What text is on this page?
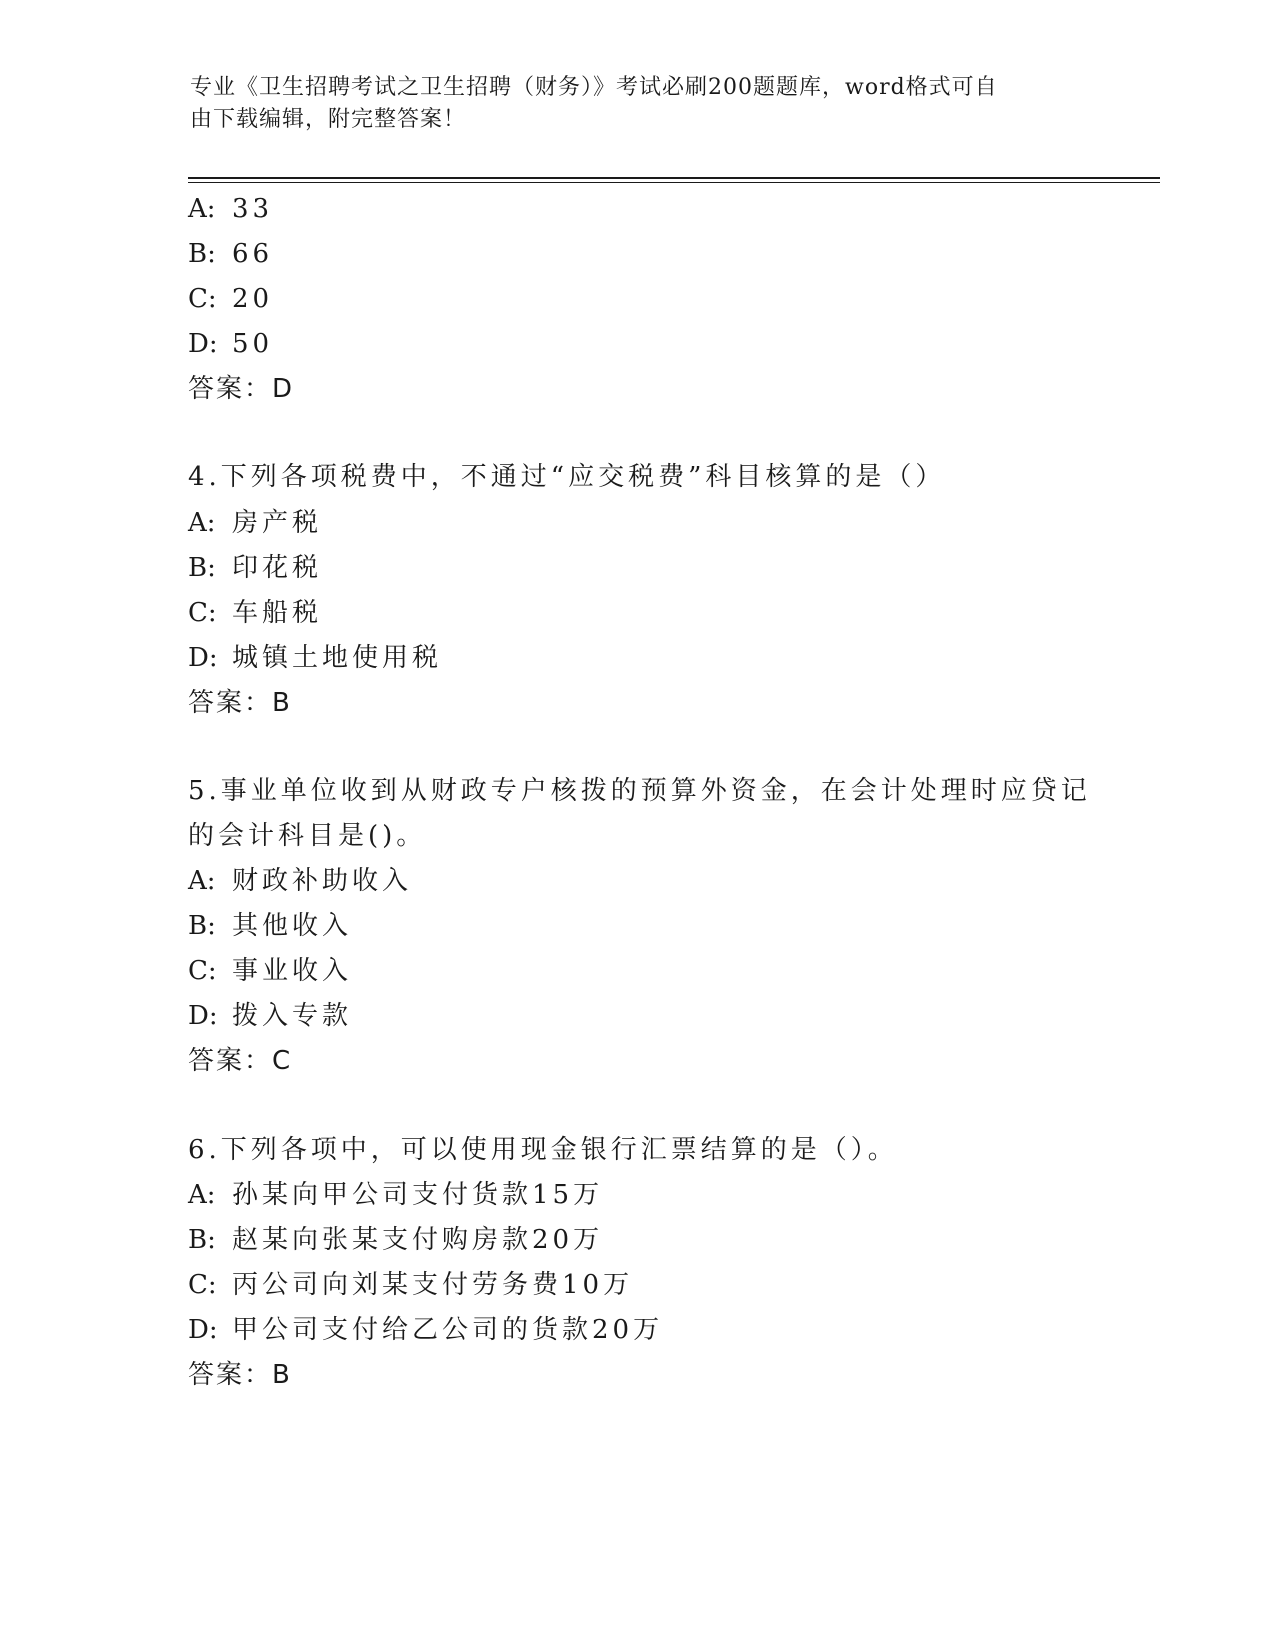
专业《卫生招聘考试之卫生招聘（财务）》考试必刷200题题库，word格式可自
由下载编辑，附完整答案！
A: 33
B: 66
C: 20
D: 50
答案：D
4.下列各项税费中，不通过“应交税费”科目核算的是（）
A: 房产税
B: 印花税
C: 车船税
D: 城镇土地使用税
答案：B
5.事业单位收到从财政专户核拨的预算外资金，在会计处理时应贷记
的会计科目是()。
A: 财政补助收入
B: 其他收入
C: 事业收入
D: 拨入专款
答案：C
6.下列各项中，可以使用现金银行汇票结算的是（）。
A: 孙某向甲公司支付货款15万
B: 赵某向张某支付购房款20万
C: 丙公司向刘某支付劳务费10万
D: 甲公司支付给乙公司的货款20万
答案：B
